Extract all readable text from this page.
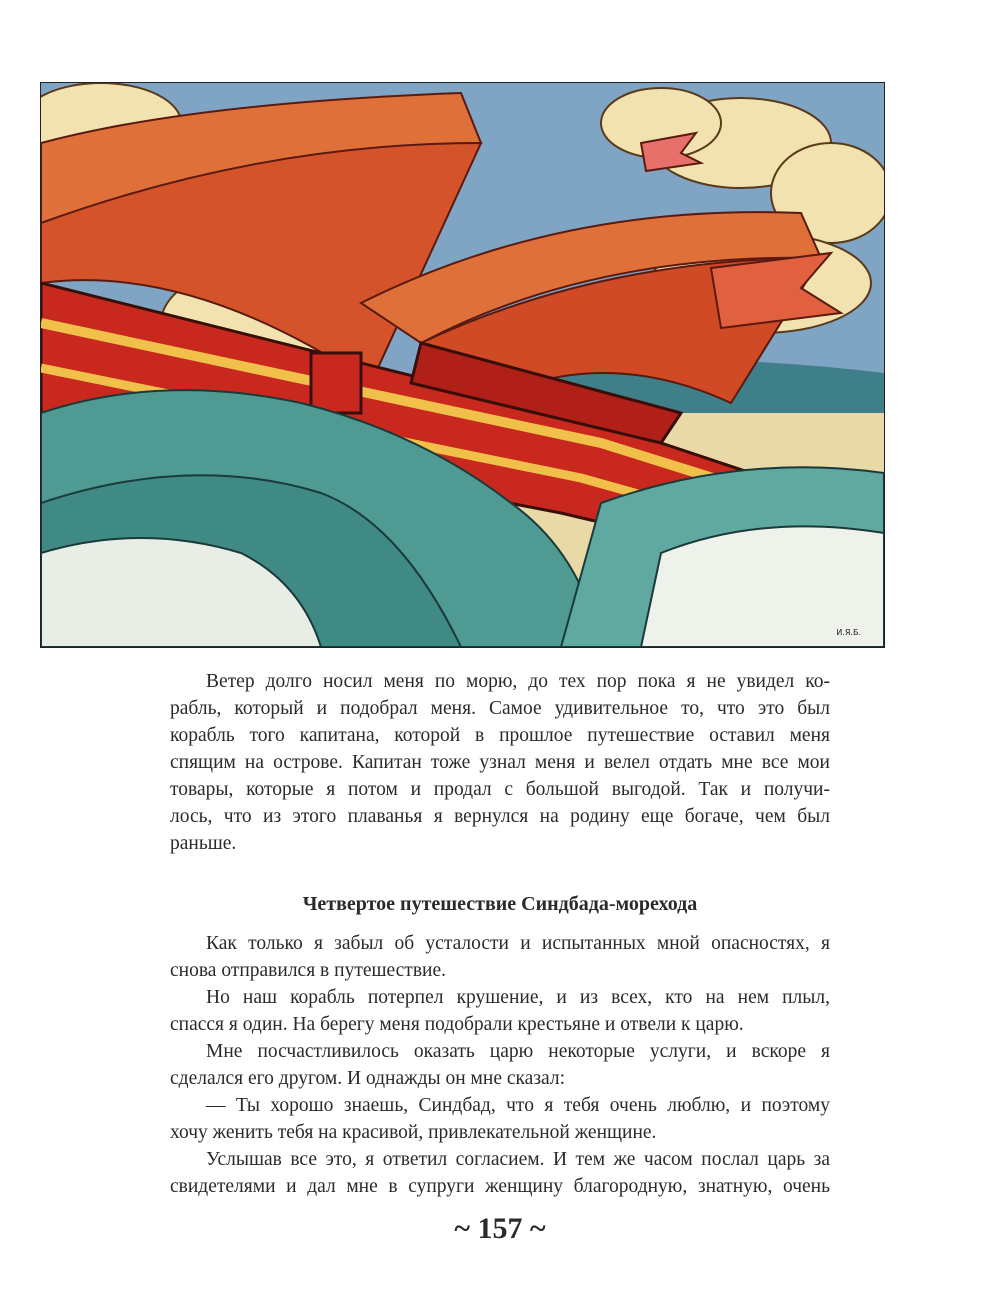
И.Я.Б.
Ветер долго носил меня по морю, до тех пор пока я не увидел ко-
рабль, который и подобрал меня. Самое удивительное то, что это был
корабль того капитана, которой в прошлое путешествие оставил меня
спящим на острове. Капитан тоже узнал меня и велел отдать мне все мои
товары, которые я потом и продал с большой выгодой. Так и получи-
лось, что из этого плаванья я вернулся на родину еще богаче, чем был
раньше.
Четвертое путешествие Синдбада-морехода
Как только я забыл об усталости и испытанных мной опасностях, я
снова отправился в путешествие.
Но наш корабль потерпел крушение, и из всех, кто на нем плыл,
спасся я один. На берегу меня подобрали крестьяне и отвели к царю.
Мне посчастливилось оказать царю некоторые услуги, и вскоре я
сделался его другом. И однажды он мне сказал:
— Ты хорошо знаешь, Синдбад, что я тебя очень люблю, и поэтому
хочу женить тебя на красивой, привлекательной женщине.
Услышав все это, я ответил согласием. И тем же часом послал царь за
свидетелями и дал мне в супруги женщину благородную, знатную, очень
~ 157 ~
